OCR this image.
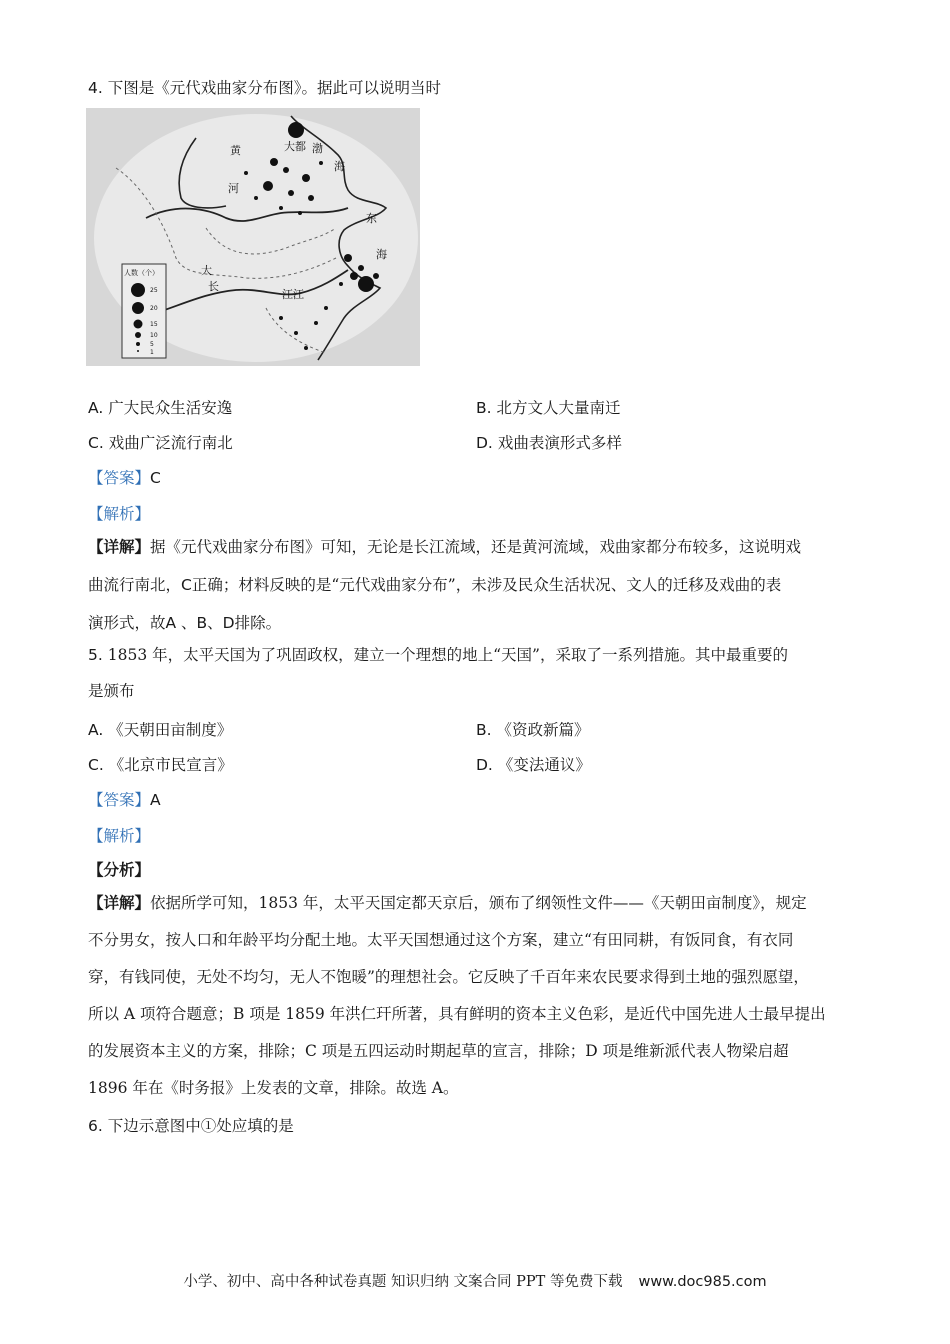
4. 下图是《元代戏曲家分布图》。据此可以说明当时
大都 渤
海
黄
河
东
海
大
长
江江
人数（个）
25
20
15
10
5
1
A. 广大民众生活安逸	B. 北方文人大量南迁
C. 戏曲广泛流行南北	D. 戏曲表演形式多样
【答案】C
【解析】
【详解】据《元代戏曲家分布图》可知，无论是长江流域，还是黄河流域，戏曲家都分布较多，这说明戏
曲流行南北，C正确；材料反映的是“元代戏曲家分布”，未涉及民众生活状况、文人的迁移及戏曲的表
演形式，故A 、B、D排除。
5. 1853 年，太平天国为了巩固政权，建立一个理想的地上“天国”，采取了一系列措施。其中最重要的
是颁布
A. 《天朝田亩制度》	B. 《资政新篇》
C. 《北京市民宣言》	D. 《变法通议》
【答案】A
【解析】
【分析】
【详解】依据所学可知，1853 年，太平天国定都天京后，颁布了纲领性文件——《天朝田亩制度》，规定
不分男女，按人口和年龄平均分配土地。太平天国想通过这个方案，建立“有田同耕，有饭同食，有衣同
穿，有钱同使，无处不均匀，无人不饱暖”的理想社会。它反映了千百年来农民要求得到土地的强烈愿望，
所以 A 项符合题意；B 项是 1859 年洪仁玕所著，具有鲜明的资本主义色彩，是近代中国先进人士最早提出
的发展资本主义的方案，排除；C 项是五四运动时期起草的宣言，排除；D 项是维新派代表人物梁启超
1896 年在《时务报》上发表的文章，排除。故选 A。
6. 下边示意图中①处应填的是
小学、初中、高中各种试卷真题 知识归纳 文案合同 PPT 等免费下载 www.doc985.com
